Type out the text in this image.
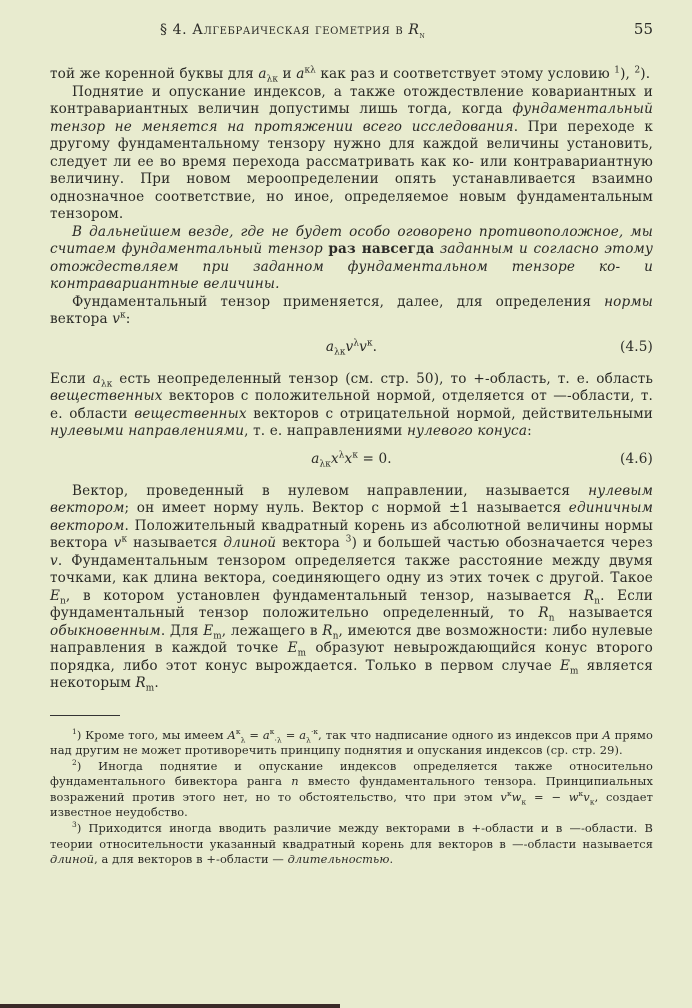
§ 4. Алгебраическая геометрия в $R_n$	55
той же коренной буквы для $a_{\lambda\kappa}$ и $a^{\kappa\lambda}$ как раз и соответствует этому условию $^1$), $^2$).
Поднятие и опускание индексов, а также отождествление ковариантных и контравариантных величин допустимы лишь тогда, когда фундаментальный тензор не меняется на протяжении всего исследования. При переходе к другому фундаментальному тензору нужно для каждой величины установить, следует ли ее во время перехода рассматривать как ко- или контравариантную величину. При новом мероопределении опять устанавливается взаимно однозначное соответствие, но иное, определяемое новым фундаментальным тензором.
В дальнейшем везде, где не будет особо оговорено противоположное, мы считаем фундаментальный тензор раз навсегда заданным и согласно этому отождествляем при заданном фундаментальном тензоре ко- и контравариантные величины.
Фундаментальный тензор применяется, далее, для определения нормы вектора $v^\kappa$:
$a_{\lambda\kappa}v^\lambda v^\kappa$.	(4.5)
Если $a_{\lambda\kappa}$ есть неопределенный тензор (см. стр. 50), то +-область, т. е. область вещественных векторов с положительной нормой, отделяется от —-области, т. е. области вещественных векторов с отрицательной нормой, действительными нулевыми направлениями, т. е. направлениями нулевого конуса:
$a_{\lambda\kappa}x^\lambda x^\kappa = 0$.	(4.6)
Вектор, проведенный в нулевом направлении, называется нулевым вектором; он имеет норму нуль. Вектор с нормой ±1 называется единичным вектором. Положительный квадратный корень из абсолютной величины нормы вектора $v^\kappa$ называется длиной вектора $^3$) и большей частью обозначается через v. Фундаментальным тензором определяется также расстояние между двумя точками, как длина вектора, соединяющего одну из этих точек с другой. Такое $E_n$, в котором установлен фундаментальный тензор, называется $R_n$. Если фундаментальный тензор положительно определенный, то $R_n$ называется обыкновенным. Для $E_m$, лежащего в $R_n$, имеются две возможности: либо нулевые направления в каждой точке $E_m$ образуют невырождающийся конус второго порядка, либо этот конус вырождается. Только в первом случае $E_m$ является некоторым $R_m$.
$^1$) Кроме того, мы имеем $A^\kappa_\lambda = a^\kappa_{\cdot\lambda} = a_\lambda^{\cdot\kappa}$, так что надписание одного из индексов при A прямо над другим не может противоречить принципу поднятия и опускания индексов (ср. стр. 29).
$^2$) Иногда поднятие и опускание индексов определяется также относительно фундаментального бивектора ранга n вместо фундаментального тензора. Принципиальных возражений против этого нет, но то обстоятельство, что при этом $v^\kappa w_\kappa$ = − $w^\kappa v_\kappa$, создает известное неудобство.
$^3$) Приходится иногда вводить различие между векторами в +-области и в —-области. В теории относительности указанный квадратный корень для векторов в —-области называется длиной, а для векторов в +-области — длительностью.
